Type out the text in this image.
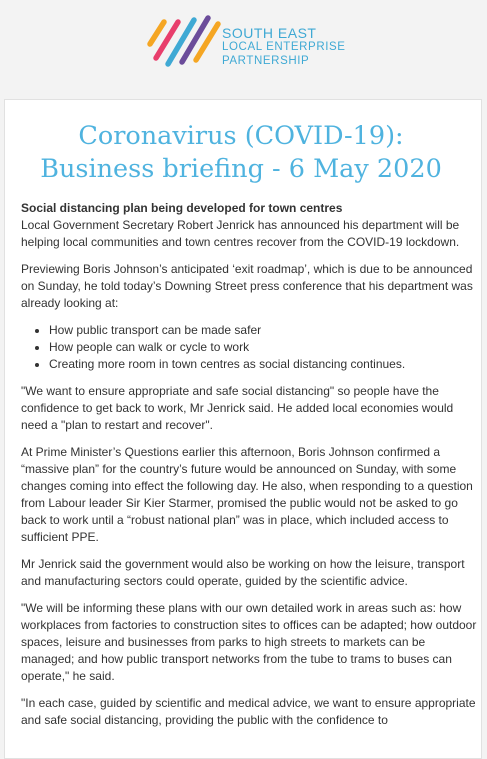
SOUTH EAST
LOCAL ENTERPRISE
PARTNERSHIP
Coronavirus (COVID-19): Business briefing - 6 May 2020

Social distancing plan being developed for town centres
Local Government Secretary Robert Jenrick has announced his department will be helping local communities and town centres recover from the COVID-19 lockdown.

Previewing Boris Johnson’s anticipated ‘exit roadmap’, which is due to be announced on Sunday, he told today’s Downing Street press conference that his department was already looking at:

• How public transport can be made safer
• How people can walk or cycle to work
• Creating more room in town centres as social distancing continues.

"We want to ensure appropriate and safe social distancing" so people have the confidence to get back to work, Mr Jenrick said. He added local economies would need a "plan to restart and recover".

At Prime Minister’s Questions earlier this afternoon, Boris Johnson confirmed a “massive plan” for the country’s future would be announced on Sunday, with some changes coming into effect the following day. He also, when responding to a question from Labour leader Sir Kier Starmer, promised the public would not be asked to go back to work until a “robust national plan” was in place, which included access to sufficient PPE.

Mr Jenrick said the government would also be working on how the leisure, transport and manufacturing sectors could operate, guided by the scientific advice.

"We will be informing these plans with our own detailed work in areas such as: how workplaces from factories to construction sites to offices can be adapted; how outdoor spaces, leisure and businesses from parks to high streets to markets can be managed; and how public transport networks from the tube to trams to buses can operate," he said.

"In each case, guided by scientific and medical advice, we want to ensure appropriate and safe social distancing, providing the public with the confidence to
